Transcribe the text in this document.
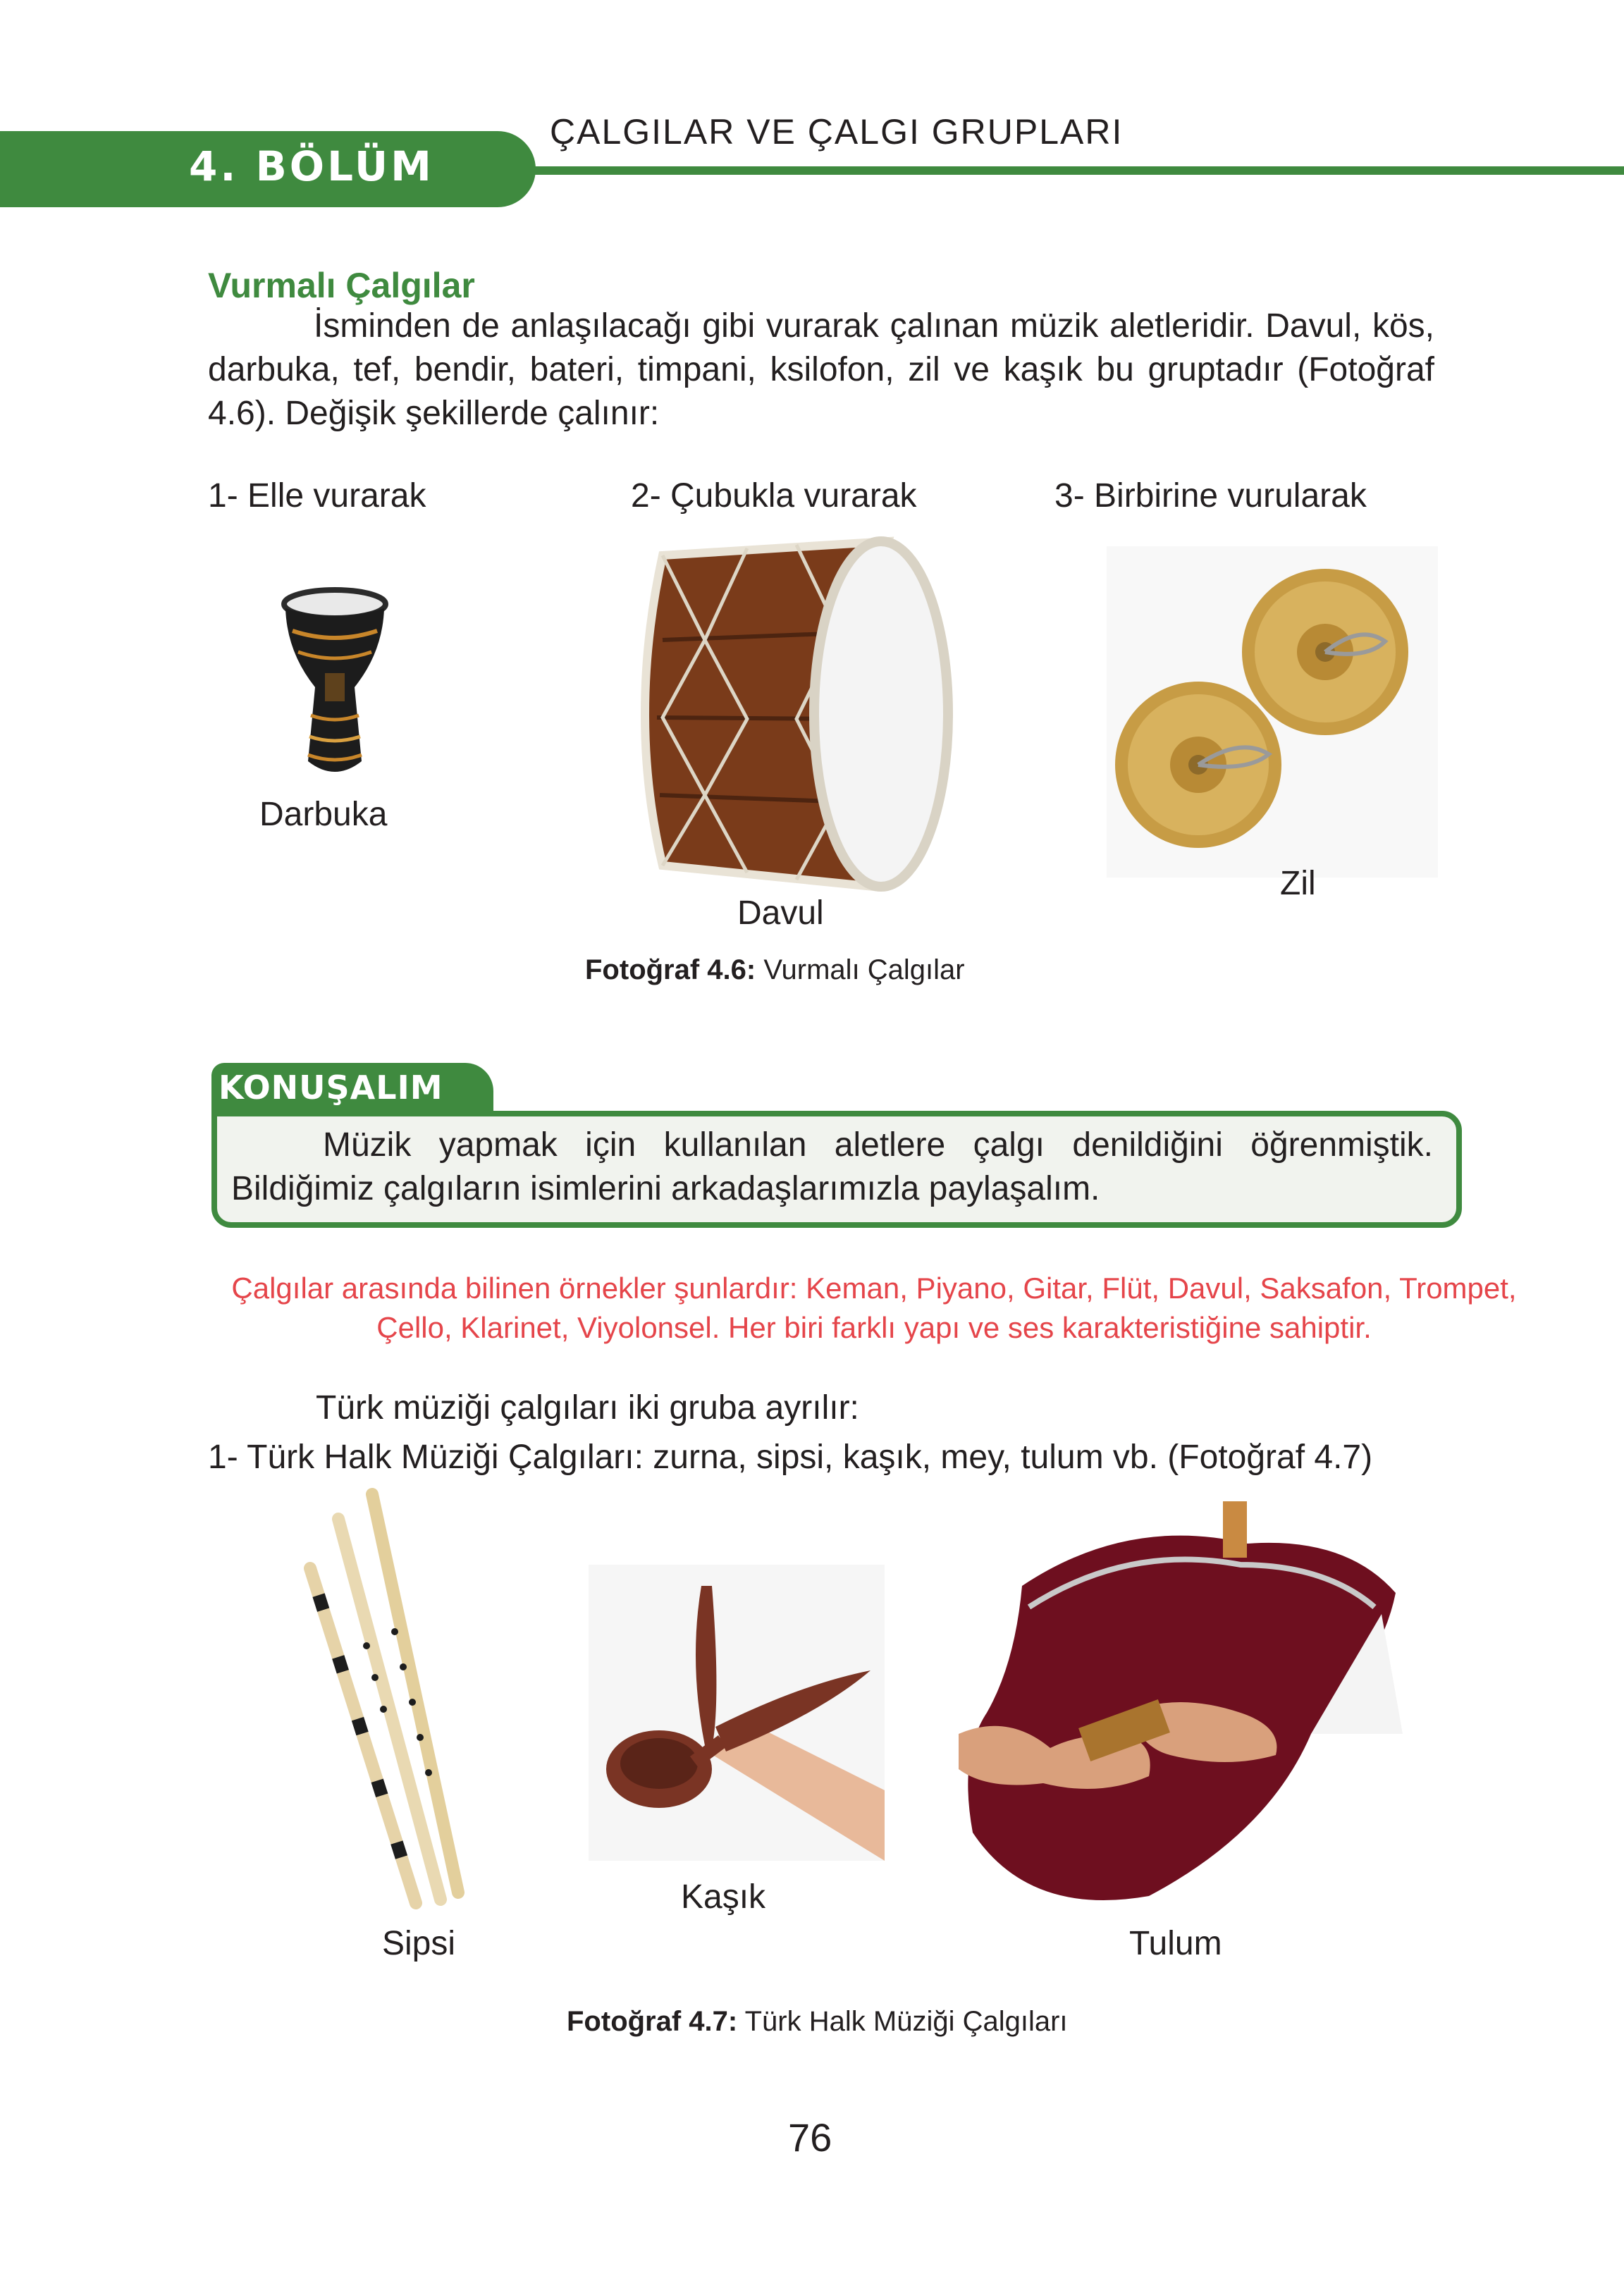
4. BÖLÜM
ÇALGILAR VE ÇALGI GRUPLARI
Vurmalı Çalgılar

İsminden de anlaşılacağı gibi vurarak çalınan müzik aletleridir. Davul, kös, darbuka, tef, bendir, bateri, timpani, ksilofon, zil ve kaşık bu gruptadır (Fotoğraf 4.6). Değişik şekillerde çalınır:

1- Elle vurarak	2- Çubukla vurarak	3- Birbirine vurularak
Darbuka
Davul
Zil
Fotoğraf 4.6: Vurmalı Çalgılar
KONUŞALIM

Müzik yapmak için kullanılan aletlere çalgı denildiğini öğrenmiştik. Bildiğimiz çalgıların isimlerini arkadaşlarımızla paylaşalım.

Çalgılar arasında bilinen örnekler şunlardır: Keman, Piyano, Gitar, Flüt, Davul, Saksafon, Trompet, Çello, Klarinet, Viyolonsel. Her biri farklı yapı ve ses karakteristiğine sahiptir.

Türk müziği çalgıları iki gruba ayrılır:
1- Türk Halk Müziği Çalgıları: zurna, sipsi, kaşık, mey, tulum vb. (Fotoğraf 4.7)
Sipsi
Kaşık
Tulum
Fotoğraf 4.7: Türk Halk Müziği Çalgıları
76
